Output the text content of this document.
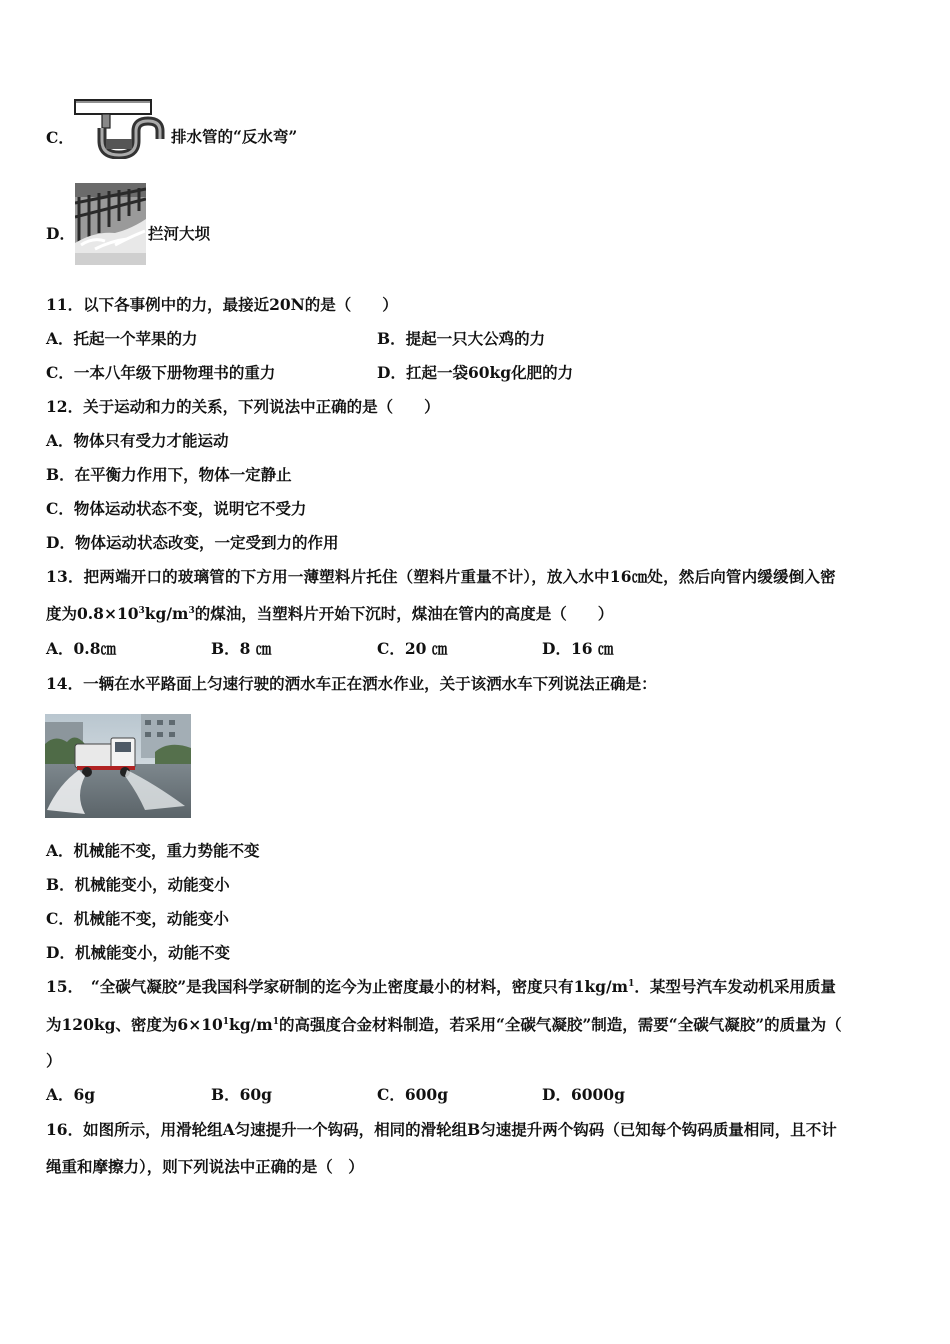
C．	排水管的“反水弯”
D．	拦河大坝
11．以下各事例中的力，最接近20N的是（　　）
A．托起一个苹果的力	B．提起一只大公鸡的力
C．一本八年级下册物理书的重力	D．扛起一袋60kg化肥的力
12．关于运动和力的关系，下列说法中正确的是（　　）
A．物体只有受力才能运动
B．在平衡力作用下，物体一定静止
C．物体运动状态不变，说明它不受力
D．物体运动状态改变，一定受到力的作用
13．把两端开口的玻璃管的下方用一薄塑料片托住（塑料片重量不计），放入水中16㎝处，然后向管内缓缓倒入密
度为$0.8\times 10^3kg/m^3$的煤油，当塑料片开始下沉时，煤油在管内的高度是（　　）
A．0.8㎝	B．8 ㎝	C．20 ㎝	D．16 ㎝
14．一辆在水平路面上匀速行驶的洒水车正在洒水作业，关于该洒水车下列说法正确是：
A．机械能不变，重力势能不变
B．机械能变小，动能变小
C．机械能不变，动能变小
D．机械能变小，动能不变
15．　“全碳气凝胶”是我国科学家研制的迄今为止密度最小的材料，密度只有$1kg/m^1$．某型号汽车发动机采用质量
为120kg、密度为$6\times 10^1kg/m^1$的高强度合金材料制造，若采用“全碳气凝胶”制造，需要“全碳气凝胶”的质量为（
）
A．6g	B．60g	C．600g	D．6000g
16．如图所示，用滑轮组A匀速提升一个钩码，相同的滑轮组B匀速提升两个钩码（已知每个钩码质量相同，且不计
绳重和摩擦力），则下列说法中正确的是（　）
